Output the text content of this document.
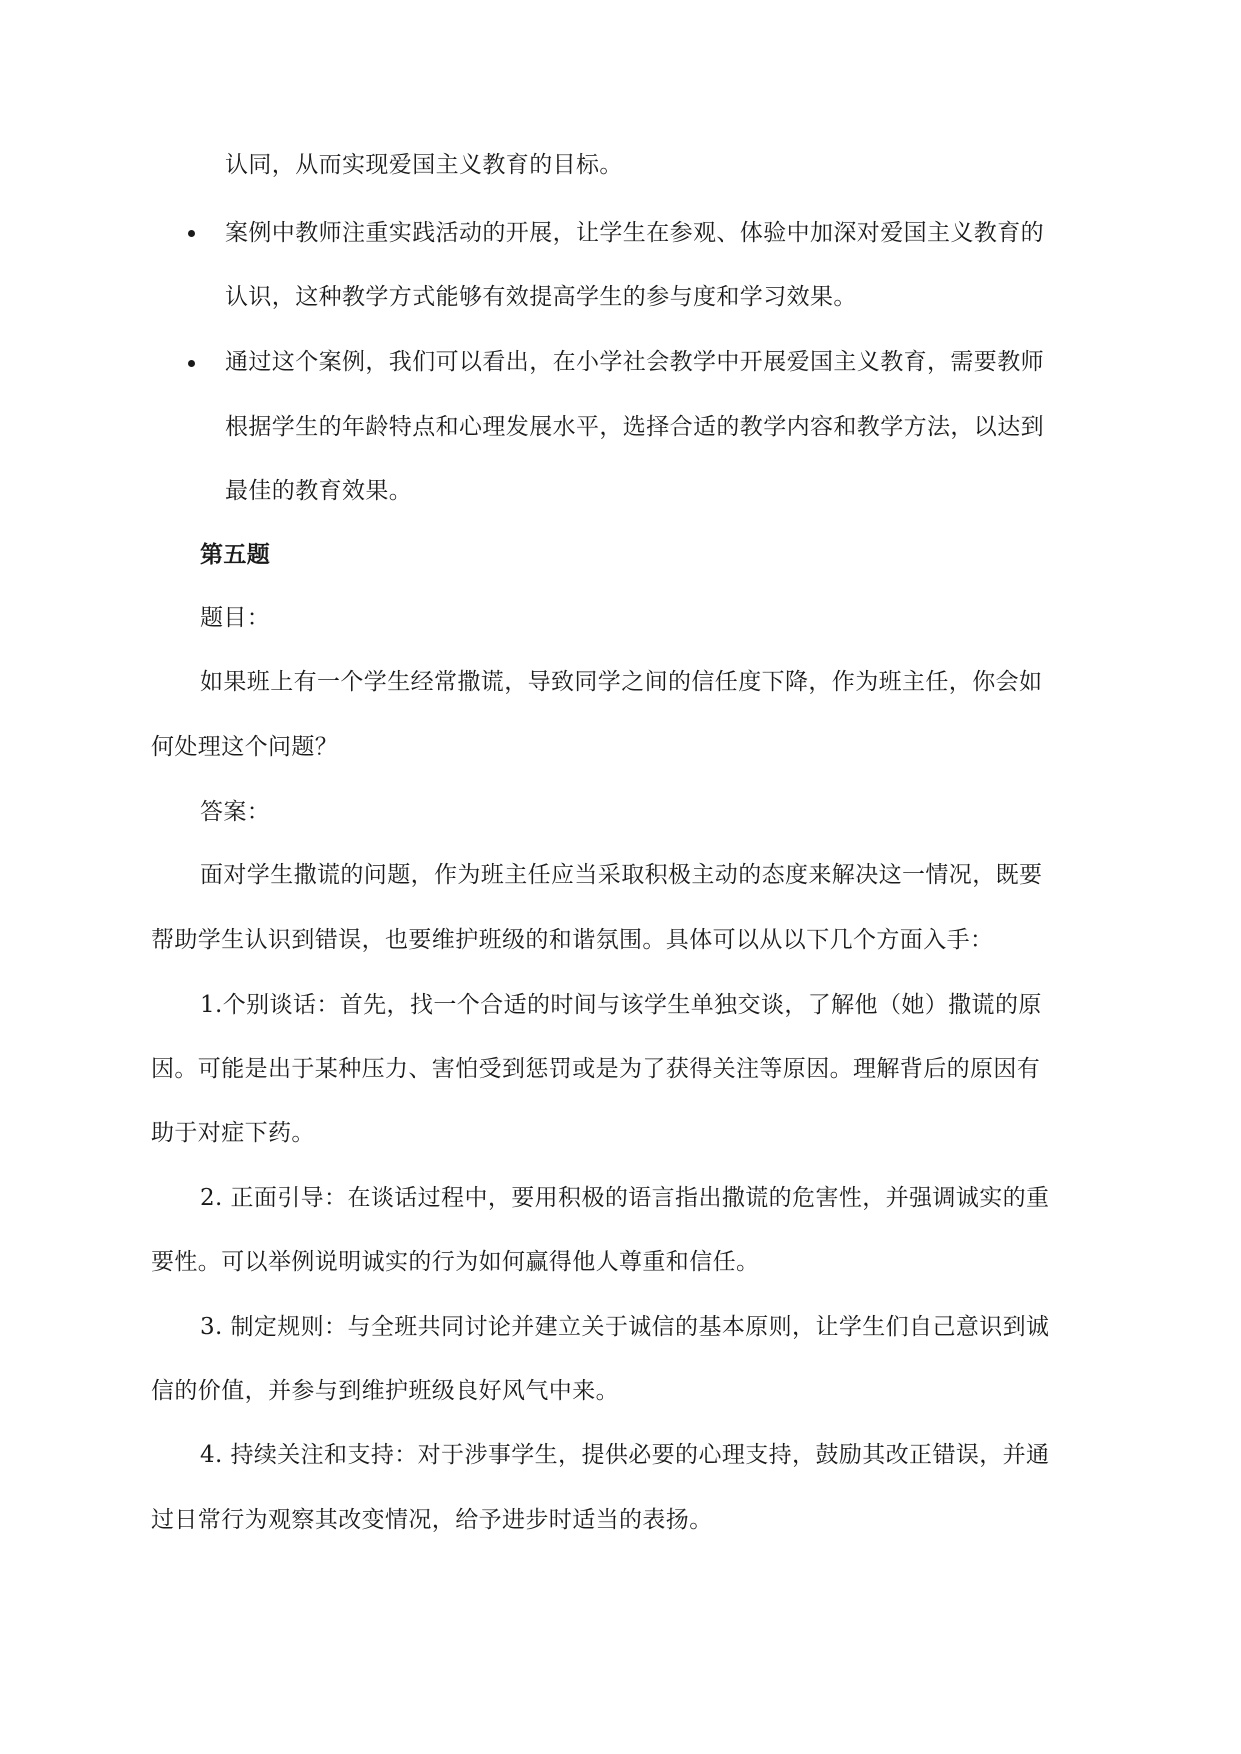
认同，从而实现爱国主义教育的目标。
案例中教师注重实践活动的开展，让学生在参观、体验中加深对爱国主义教育的
认识，这种教学方式能够有效提高学生的参与度和学习效果。
通过这个案例，我们可以看出，在小学社会教学中开展爱国主义教育，需要教师
根据学生的年龄特点和心理发展水平，选择合适的教学内容和教学方法，以达到
最佳的教育效果。
第五题
题目：
如果班上有一个学生经常撒谎，导致同学之间的信任度下降，作为班主任，你会如
何处理这个问题？
答案：
面对学生撒谎的问题，作为班主任应当采取积极主动的态度来解决这一情况，既要
帮助学生认识到错误，也要维护班级的和谐氛围。具体可以从以下几个方面入手：
1.个别谈话：首先，找一个合适的时间与该学生单独交谈，了解他（她）撒谎的原
因。可能是出于某种压力、害怕受到惩罚或是为了获得关注等原因。理解背后的原因有
助于对症下药。
2. 正面引导：在谈话过程中，要用积极的语言指出撒谎的危害性，并强调诚实的重
要性。可以举例说明诚实的行为如何赢得他人尊重和信任。
3. 制定规则：与全班共同讨论并建立关于诚信的基本原则，让学生们自己意识到诚
信的价值，并参与到维护班级良好风气中来。
4. 持续关注和支持：对于涉事学生，提供必要的心理支持，鼓励其改正错误，并通
过日常行为观察其改变情况，给予进步时适当的表扬。
